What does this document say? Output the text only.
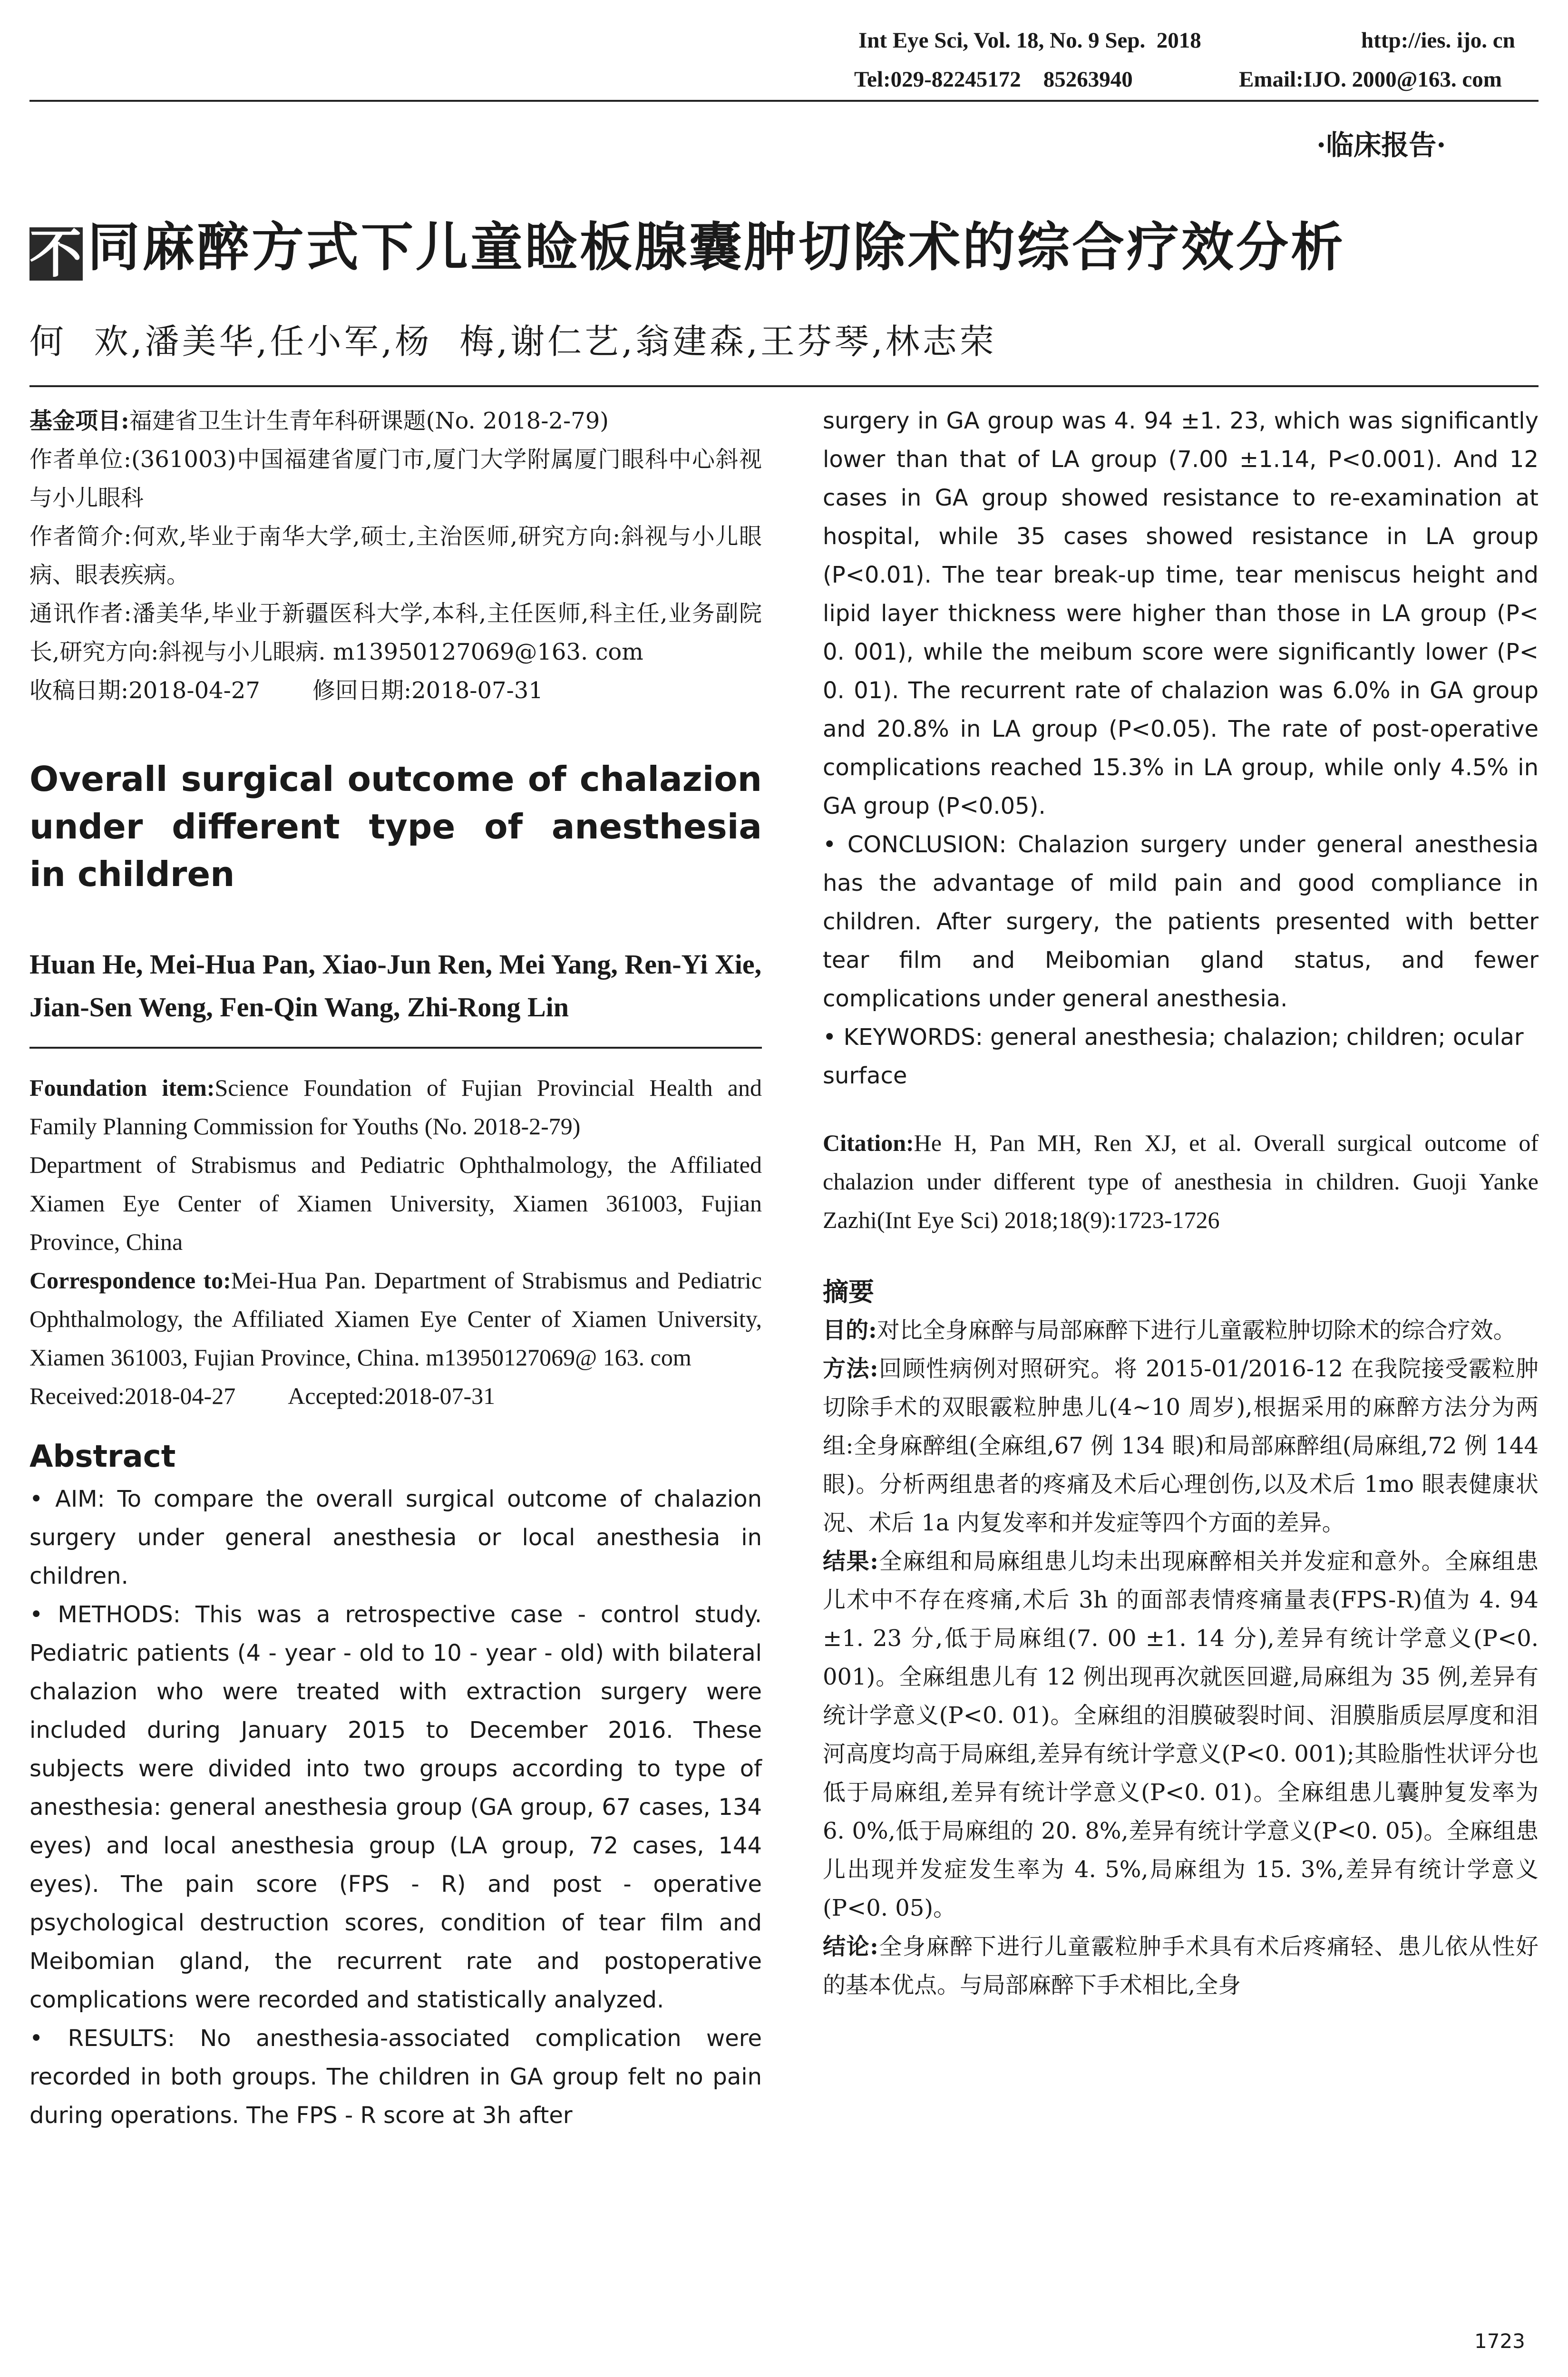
Int Eye Sci, Vol. 18, No. 9 Sep.  2018	http://ies. ijo. cn
Tel:029-82245172    85263940	Email:IJO. 2000@163. com
·临床报告·
不同麻醉方式下儿童睑板腺囊肿切除术的综合疗效分析
何  欢,潘美华,任小军,杨  梅,谢仁艺,翁建森,王芬琴,林志荣

基金项目:福建省卫生计生青年科研课题(No. 2018-2-79)

作者单位:(361003)中国福建省厦门市,厦门大学附属厦门眼科中心斜视与小儿眼科

作者简介:何欢,毕业于南华大学,硕士,主治医师,研究方向:斜视与小儿眼病、眼表疾病。

通讯作者:潘美华,毕业于新疆医科大学,本科,主任医师,科主任,业务副院长,研究方向:斜视与小儿眼病. m13950127069@163. com

收稿日期:2018-04-27 修回日期:2018-07-31

Overall surgical outcome of chalazion

under different type of anesthesia

in children

Huan He, Mei-Hua Pan, Xiao-Jun Ren, Mei Yang, Ren-Yi Xie, Jian-Sen Weng, Fen-Qin Wang, Zhi-Rong Lin

Foundation item:Science Foundation of Fujian Provincial Health and Family Planning Commission for Youths (No. 2018-2-79)

Department of Strabismus and Pediatric Ophthalmology, the Affiliated Xiamen Eye Center of Xiamen University, Xiamen 361003, Fujian Province, China

Correspondence to:Mei-Hua Pan. Department of Strabismus and Pediatric Ophthalmology, the Affiliated Xiamen Eye Center of Xiamen University, Xiamen 361003, Fujian Province, China. m13950127069@ 163. com

Received:2018-04-27 Accepted:2018-07-31

Abstract

• AIM: To compare the overall surgical outcome of chalazion surgery under general anesthesia or local anesthesia in children.

• METHODS: This was a retrospective case - control study. Pediatric patients (4 - year - old to 10 - year - old) with bilateral chalazion who were treated with extraction surgery were included during January 2015 to December 2016. These subjects were divided into two groups according to type of anesthesia: general anesthesia group (GA group, 67 cases, 134 eyes) and local anesthesia group (LA group, 72 cases, 144 eyes). The pain score (FPS - R) and post - operative psychological destruction scores, condition of tear film and Meibomian gland, the recurrent rate and postoperative complications were recorded and statistically analyzed.

• RESULTS: No anesthesia-associated complication were recorded in both groups. The children in GA group felt no pain during operations. The FPS - R score at 3h after

surgery in GA group was 4. 94 ±1. 23, which was significantly lower than that of LA group (7.00 ±1.14, P<0.001). And 12 cases in GA group showed resistance to re-examination at hospital, while 35 cases showed resistance in LA group (P<0.01). The tear break-up time, tear meniscus height and lipid layer thickness were higher than those in LA group (P< 0. 001), while the meibum score were significantly lower (P< 0. 01). The recurrent rate of chalazion was 6.0% in GA group and 20.8% in LA group (P<0.05). The rate of post-operative complications reached 15.3% in LA group, while only 4.5% in GA group (P<0.05).

• CONCLUSION: Chalazion surgery under general anesthesia has the advantage of mild pain and good compliance in children. After surgery, the patients presented with better tear film and Meibomian gland status, and fewer complications under general anesthesia.

• KEYWORDS: general anesthesia; chalazion; children; ocular surface

Citation:He H, Pan MH, Ren XJ, et al. Overall surgical outcome of chalazion under different type of anesthesia in children. Guoji Yanke Zazhi(Int Eye Sci) 2018;18(9):1723-1726

摘要

目的:对比全身麻醉与局部麻醉下进行儿童霰粒肿切除术的综合疗效。

方法:回顾性病例对照研究。将 2015-01/2016-12 在我院接受霰粒肿切除手术的双眼霰粒肿患儿(4~10 周岁),根据采用的麻醉方法分为两组:全身麻醉组(全麻组,67 例 134 眼)和局部麻醉组(局麻组,72 例 144 眼)。分析两组患者的疼痛及术后心理创伤,以及术后 1mo 眼表健康状况、术后 1a 内复发率和并发症等四个方面的差异。

结果:全麻组和局麻组患儿均未出现麻醉相关并发症和意外。全麻组患儿术中不存在疼痛,术后 3h 的面部表情疼痛量表(FPS-R)值为 4. 94 ±1. 23 分,低于局麻组(7. 00 ±1. 14 分),差异有统计学意义(P<0. 001)。全麻组患儿有 12 例出现再次就医回避,局麻组为 35 例,差异有统计学意义(P<0. 01)。全麻组的泪膜破裂时间、泪膜脂质层厚度和泪河高度均高于局麻组,差异有统计学意义(P<0. 001);其睑脂性状评分也低于局麻组,差异有统计学意义(P<0. 01)。全麻组患儿囊肿复发率为 6. 0%,低于局麻组的 20. 8%,差异有统计学意义(P<0. 05)。全麻组患儿出现并发症发生率为 4. 5%,局麻组为 15. 3%,差异有统计学意义(P<0. 05)。

结论:全身麻醉下进行儿童霰粒肿手术具有术后疼痛轻、患儿依从性好的基本优点。与局部麻醉下手术相比,全身

1723
